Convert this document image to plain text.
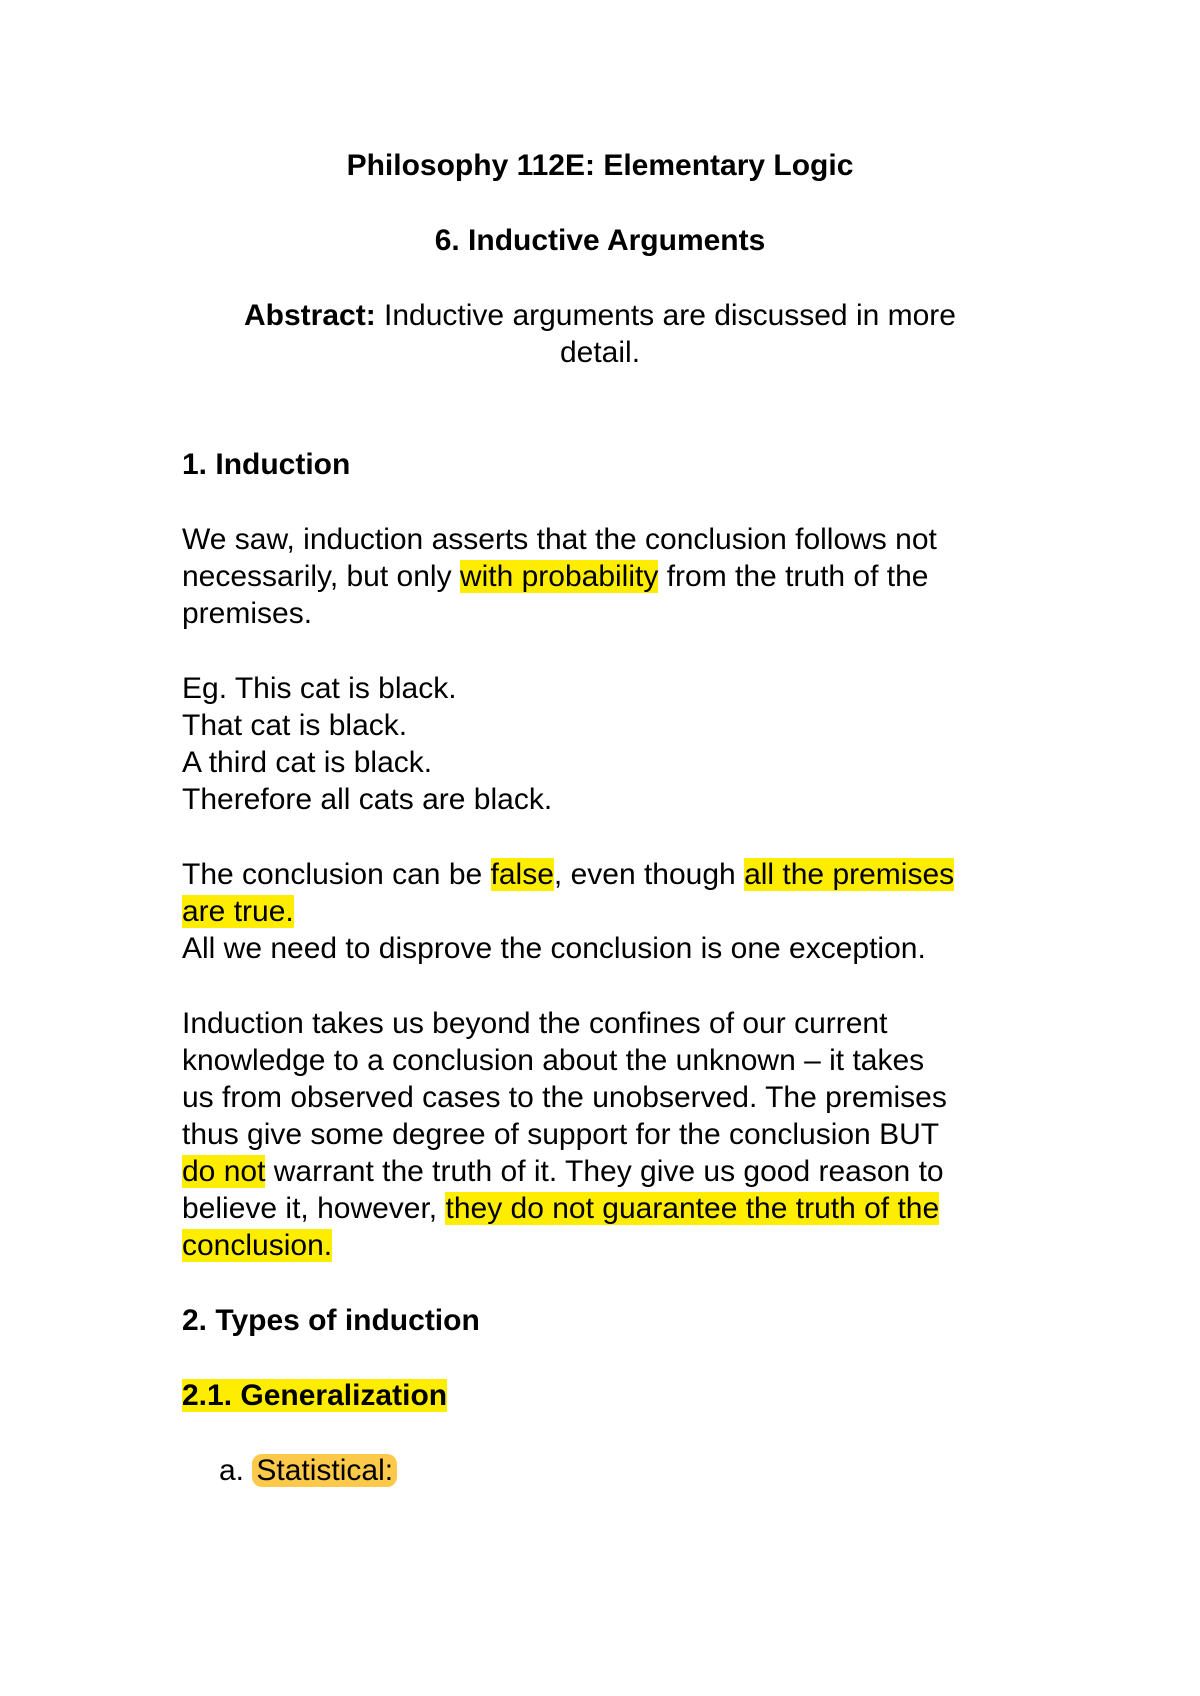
Philosophy 112E: Elementary Logic

6. Inductive Arguments

Abstract: Inductive arguments are discussed in more

detail.

1. Induction

We saw, induction asserts that the conclusion follows not

necessarily, but only with probability from the truth of the

premises.

Eg. This cat is black.

That cat is black.

A third cat is black.

Therefore all cats are black.

The conclusion can be false, even though all the premises

are true.

All we need to disprove the conclusion is one exception.

Induction takes us beyond the confines of our current

knowledge to a conclusion about the unknown – it takes

us from observed cases to the unobserved. The premises

thus give some degree of support for the conclusion BUT

do not warrant the truth of it. They give us good reason to

believe it, however, they do not guarantee the truth of the

conclusion.

2. Types of induction

2.1. Generalization

a. Statistical:
